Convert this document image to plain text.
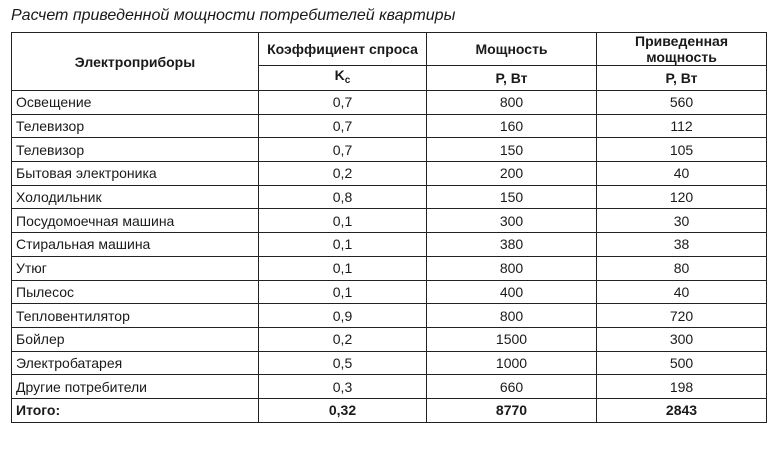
Расчет приведенной мощности потребителей квартиры
Электроприборы	Коэффициент спроса	Мощность	Приведенная мощность
	$K_c$	P, Вт	P, Вт
Освещение	0,7	800	560
Телевизор	0,7	160	112
Телевизор	0,7	150	105
Бытовая электроника	0,2	200	40
Холодильник	0,8	150	120
Посудомоечная машина	0,1	300	30
Стиральная машина	0,1	380	38
Утюг	0,1	800	80
Пылесос	0,1	400	40
Тепловентилятор	0,9	800	720
Бойлер	0,2	1500	300
Электробатарея	0,5	1000	500
Другие потребители	0,3	660	198
Итого:	0,32	8770	2843
